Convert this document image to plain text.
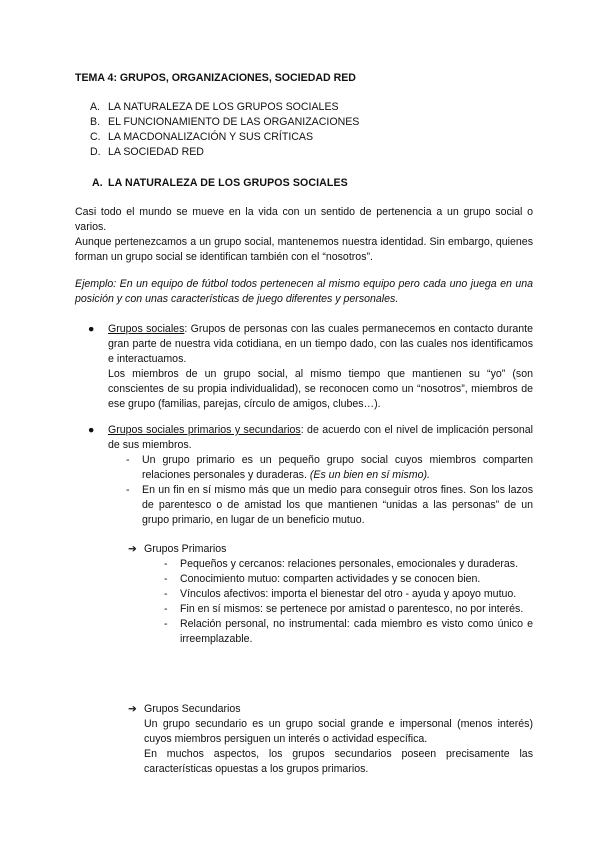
TEMA 4: GRUPOS, ORGANIZACIONES, SOCIEDAD RED
A. LA NATURALEZA DE LOS GRUPOS SOCIALES
B. EL FUNCIONAMIENTO DE LAS ORGANIZACIONES
C. LA MACDONALIZACIÓN Y SUS CRÍTICAS
D. LA SOCIEDAD RED
A. LA NATURALEZA DE LOS GRUPOS SOCIALES
Casi todo el mundo se mueve en la vida con un sentido de pertenencia a un grupo social o varios.
Aunque pertenezcamos a un grupo social, mantenemos nuestra identidad. Sin embargo, quienes forman un grupo social se identifican también con el “nosotros”.
Ejemplo: En un equipo de fútbol todos pertenecen al mismo equipo pero cada uno juega en una posición y con unas características de juego diferentes y personales.
● Grupos sociales: Grupos de personas con las cuales permanecemos en contacto durante gran parte de nuestra vida cotidiana, en un tiempo dado, con las cuales nos identificamos e interactuamos.
Los miembros de un grupo social, al mismo tiempo que mantienen su “yo” (son conscientes de su propia individualidad), se reconocen como un “nosotros”, miembros de ese grupo (familias, parejas, círculo de amigos, clubes…).
● Grupos sociales primarios y secundarios: de acuerdo con el nivel de implicación personal de sus miembros.
- Un grupo primario es un pequeño grupo social cuyos miembros comparten relaciones personales y duraderas. (Es un bien en sí mismo).
- En un fin en sí mismo más que un medio para conseguir otros fines. Son los lazos de parentesco o de amistad los que mantienen “unidas a las personas” de un grupo primario, en lugar de un beneficio mutuo.
➔ Grupos Primarios
- Pequeños y cercanos: relaciones personales, emocionales y duraderas.
- Conocimiento mutuo: comparten actividades y se conocen bien.
- Vínculos afectivos: importa el bienestar del otro - ayuda y apoyo mutuo.
- Fin en sí mismos: se pertenece por amistad o parentesco, no por interés.
- Relación personal, no instrumental: cada miembro es visto como único e irreemplazable.
➔ Grupos Secundarios
Un grupo secundario es un grupo social grande e impersonal (menos interés) cuyos miembros persiguen un interés o actividad específica.
En muchos aspectos, los grupos secundarios poseen precisamente las características opuestas a los grupos primarios.
